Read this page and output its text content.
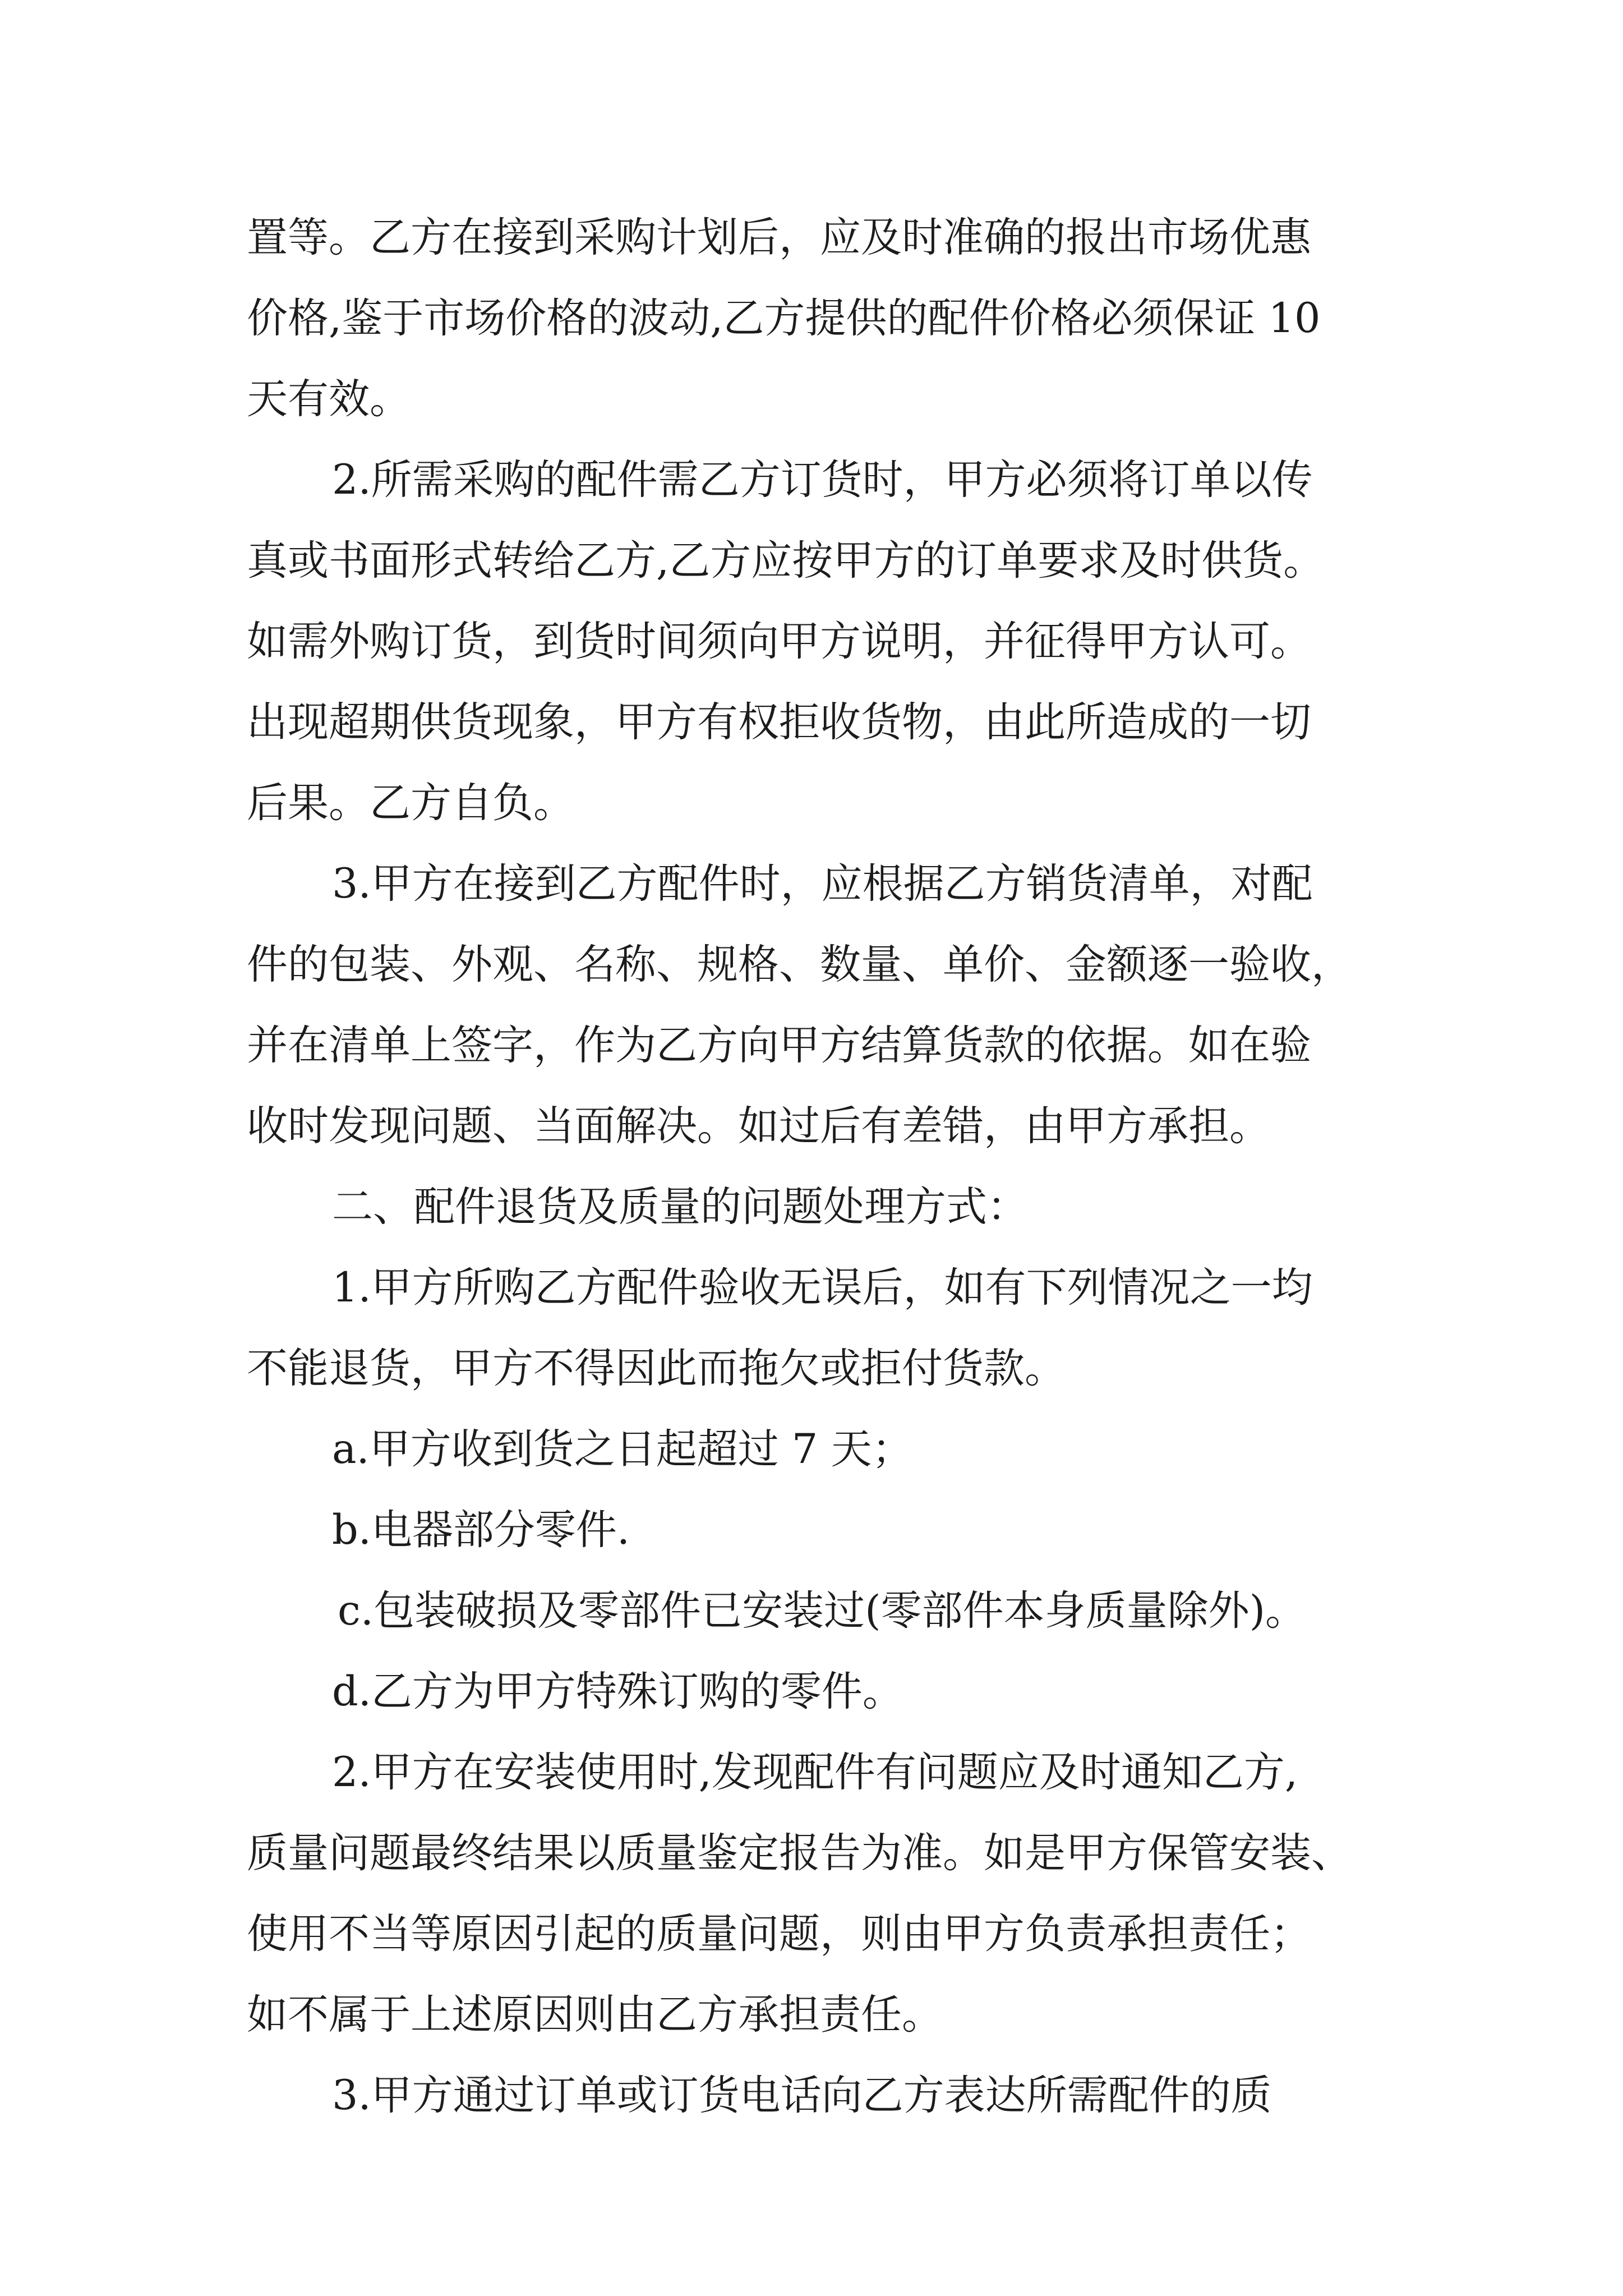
置等。乙方在接到采购计划后，应及时准确的报出市场优惠
价格,鉴于市场价格的波动,乙方提供的配件价格必须保证 10
天有效。
2.所需采购的配件需乙方订货时，甲方必须将订单以传
真或书面形式转给乙方,乙方应按甲方的订单要求及时供货。
如需外购订货，到货时间须向甲方说明，并征得甲方认可。
出现超期供货现象，甲方有权拒收货物，由此所造成的一切
后果。乙方自负。
3.甲方在接到乙方配件时，应根据乙方销货清单，对配
件的包装、外观、名称、规格、数量、单价、金额逐一验收，
并在清单上签字，作为乙方向甲方结算货款的依据。如在验
收时发现问题、当面解决。如过后有差错，由甲方承担。
二、配件退货及质量的问题处理方式：
1.甲方所购乙方配件验收无误后，如有下列情况之一均
不能退货，甲方不得因此而拖欠或拒付货款。
a.甲方收到货之日起超过 7 天；
b.电器部分零件.
c.包装破损及零部件已安装过(零部件本身质量除外)。
d.乙方为甲方特殊订购的零件。
2.甲方在安装使用时,发现配件有问题应及时通知乙方,
质量问题最终结果以质量鉴定报告为准。如是甲方保管安装、
使用不当等原因引起的质量问题，则由甲方负责承担责任；
如不属于上述原因则由乙方承担责任。
3.甲方通过订单或订货电话向乙方表达所需配件的质
